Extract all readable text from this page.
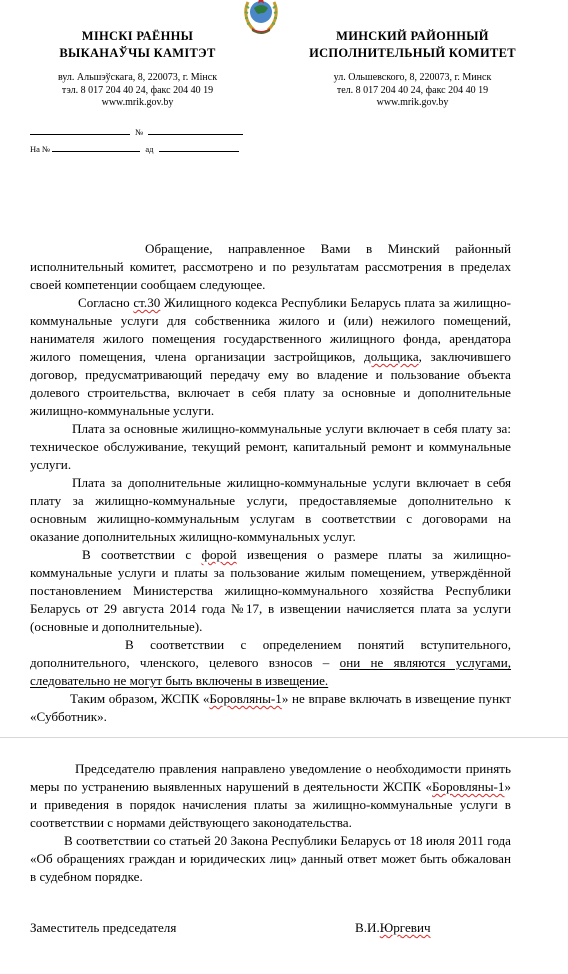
МІНСКІ РАЁННЫ
ВЫКАНАЎЧЫ КАМІТЭТ
вул. Альшэўскага, 8, 220073, г. Мінск
тэл. 8 017 204 40 24, факс 204 40 19
www.mrik.gov.by
МИНСКИЙ РАЙОННЫЙ
ИСПОЛНИТЕЛЬНЫЙ КОМИТЕТ
ул. Ольшевского, 8, 220073, г. Минск
тел. 8 017 204 40 24, факс 204 40 19
www.mrik.gov.by
№
На №	ад

Обращение, направленное Вами в Минский районный исполнительный комитет, рассмотрено и по результатам рассмотрения в пределах своей компетенции сообщаем следующее.

Согласно ст.30 Жилищного кодекса Республики Беларусь плата за жилищно-коммунальные услуги для собственника жилого и (или) нежилого помещений, нанимателя жилого помещения государственного жилищного фонда, арендатора жилого помещения, члена организации застройщиков, дольщика, заключившего договор, предусматривающий передачу ему во владение и пользование объекта долевого строительства, включает в себя плату за основные и дополнительные жилищно-коммунальные услуги.

Плата за основные жилищно-коммунальные услуги включает в себя плату за: техническое обслуживание, текущий ремонт, капитальный ремонт и коммунальные услуги.

Плата за дополнительные жилищно-коммунальные услуги включает в себя плату за жилищно-коммунальные услуги, предоставляемые дополнительно к основным жилищно-коммунальным услугам в соответствии с договорами на оказание дополнительных жилищно-коммунальных услуг.

В соответствии с форой извещения о размере платы за жилищно-коммунальные услуги и платы за пользование жилым помещением, утверждённой постановлением Министерства жилищно-коммунального хозяйства Республики Беларусь от 29 августа 2014 года №17, в извещении начисляется плата за услуги (основные и дополнительные).

В соответствии с определением понятий вступительного, дополнительного, членского, целевого взносов – они не являются услугами, следовательно не могут быть включены в извещение.

Таким образом, ЖСПК «Боровляны-1» не вправе включать в извещение пункт «Субботник».

Председателю правления направлено уведомление о необходимости принять меры по устранению выявленных нарушений в деятельности ЖСПК «Боровляны-1» и приведения в порядок начисления платы за жилищно-коммунальные услуги в соответствии с нормами действующего законодательства.

В соответствии со статьей 20 Закона Республики Беларусь от 18 июля 2011 года «Об обращениях граждан и юридических лиц» данный ответ может быть обжалован в судебном порядке.

Заместитель председателя	В.И.Юргевич
